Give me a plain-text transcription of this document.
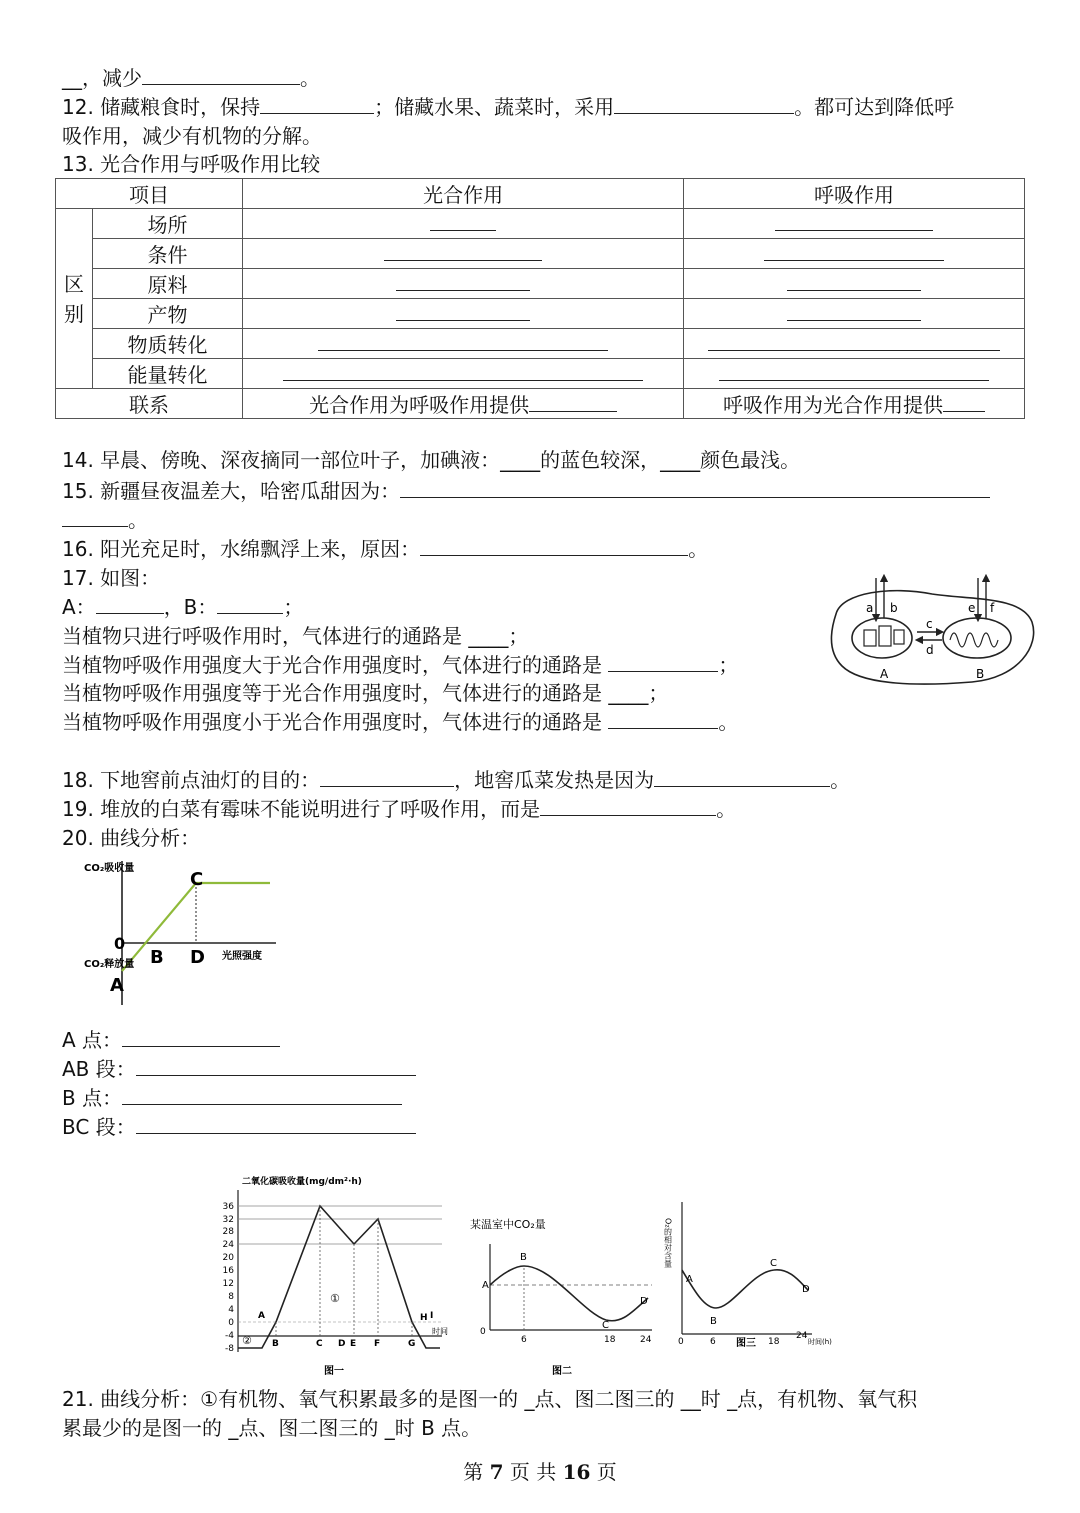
__，减少	。
12. 储藏粮食时，保持	；储藏水果、蔬菜时，采用	。都可达到降低呼
吸作用，减少有机物的分解。
13. 光合作用与呼吸作用比较
项目		光合作用	呼吸作用
区别	场所		
	条件		
	原料		
	产物		
	物质转化		
	能量转化		
联系		光合作用为呼吸作用提供	呼吸作用为光合作用提供
14. 早晨、傍晚、深夜摘同一部位叶子，加碘液：____的蓝色较深，____颜色最浅。
15. 新疆昼夜温差大，哈密瓜甜因为：
。
16. 阳光充足时，水绵飘浮上来，原因：	。
17. 如图：
A：	，B：	；
当植物只进行呼吸作用时，气体进行的通路是 ____；
当植物呼吸作用强度大于光合作用强度时，气体进行的通路是	；
当植物呼吸作用强度等于光合作用强度时，气体进行的通路是 ____；
当植物呼吸作用强度小于光合作用强度时，气体进行的通路是	。
a b	e f
c
d
A	B
18. 下地窖前点油灯的目的：	，地窖瓜菜发热是因为	。
19. 堆放的白菜有霉味不能说明进行了呼吸作用，而是	。
20. 曲线分析：
CO₂吸收量
CO₂释放量
光照强度
0
A
B
C
D
A 点：
AB 段：
B 点：
BC 段：
二氧化碳吸收量(mg/dm²·h)
36
32
28
24
20
16
12
8
4
0
-4
-8
A
B	C D E F	G
H I
①
②
时间
图一
某温室中CO₂量
A
B
C
D
0
6	18	24
图二
O₂的相对含量
A
B
C
D
0	6	18
24
时间(h)
图三
21. 曲线分析：①有机物、氧气积累最多的是图一的 _点、图二图三的 __时 _点，有机物、氧气积
累最少的是图一的 _点、图二图三的 _时 B 点。
第 7 页 共 16 页
